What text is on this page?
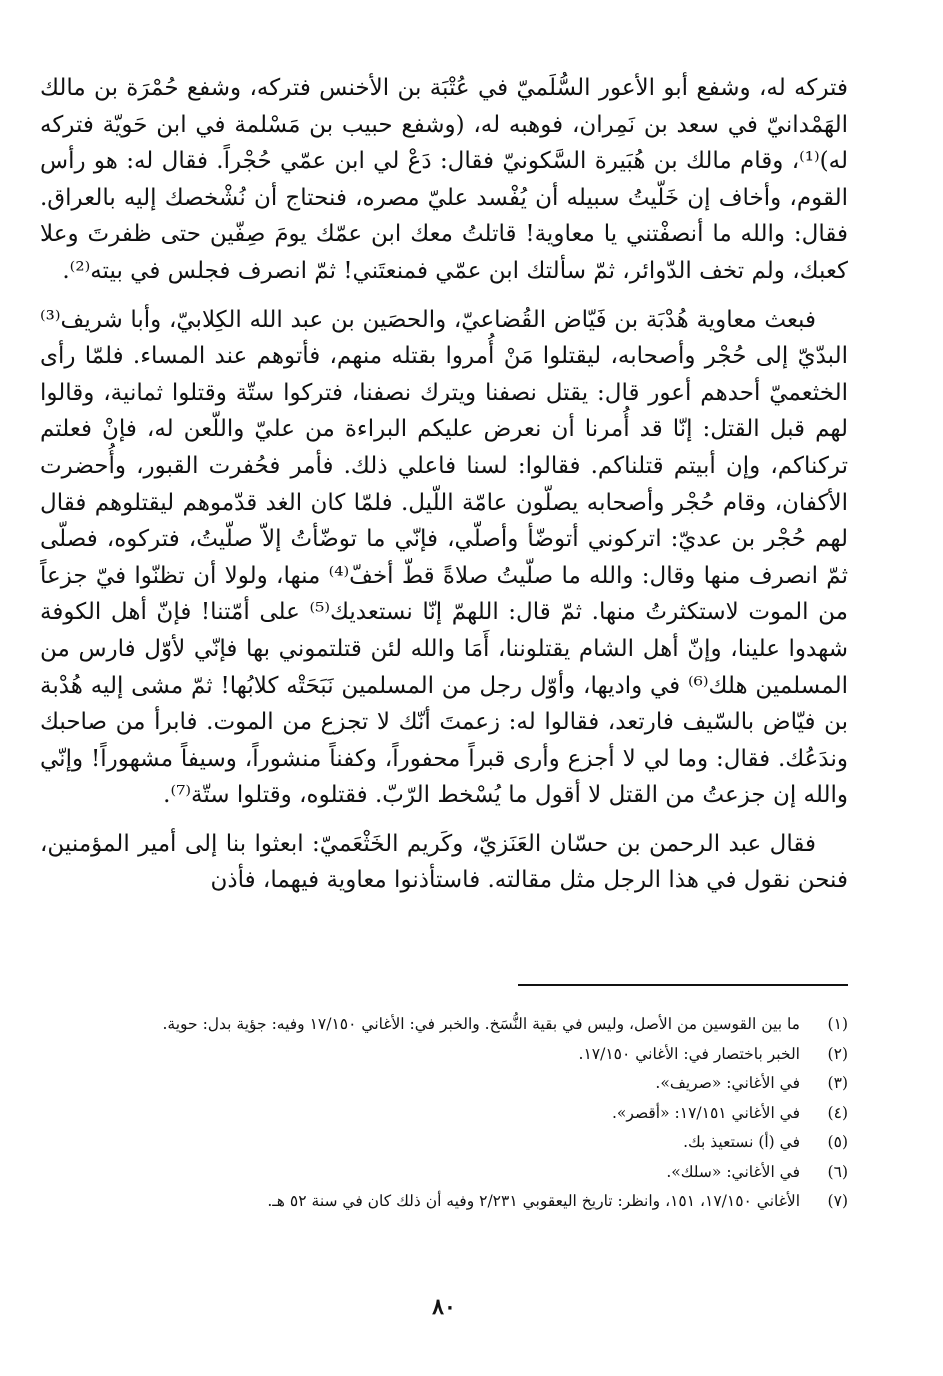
فتركه له، وشفع أبو الأعور السُّلَميّ في عُتْبَة بن الأخنس فتركه، وشفع حُمْرَة بن مالك الهَمْدانيّ في سعد بن نَمِران، فوهبه له، (وشفع حبيب بن مَسْلمة في ابن حَويّة فتركه له)⁽¹⁾، وقام مالك بن هُبَيرة السَّكونيّ فقال: دَعْ لي ابن عمّي حُجْراً. فقال له: هو رأس القوم، وأخاف إن خَلّيتُ سبيله أن يُفْسد عليّ مصره، فنحتاج أن نُشْخصك إليه بالعراق. فقال: والله ما أنصفْتني يا معاوية! قاتلتُ معك ابن عمّك يومَ صِفّين حتى ظفرتَ وعلا كعبك، ولم تخف الدّوائر، ثمّ سألتك ابن عمّي فمنعتَني! ثمّ انصرف فجلس في بيته⁽²⁾.

فبعث معاوية هُدْبَة بن فَيّاض القُضاعيّ، والحصَين بن عبد الله الكِلابيّ، وأبا شريف⁽³⁾ البدّيّ إلى حُجْر وأصحابه، ليقتلوا مَنْ أُمروا بقتله منهم، فأتوهم عند المساء. فلمّا رأى الخثعميّ أحدهم أعور قال: يقتل نصفنا ويترك نصفنا، فتركوا ستّة وقتلوا ثمانية، وقالوا لهم قبل القتل: إنّا قد أُمرنا أن نعرض عليكم البراءة من عليّ واللّعن له، فإنْ فعلتم تركناكم، وإن أبيتم قتلناكم. فقالوا: لسنا فاعلي ذلك. فأمر فحُفرت القبور، وأُحضرت الأكفان، وقام حُجْر وأصحابه يصلّون عامّة اللّيل. فلمّا كان الغد قدّموهم ليقتلوهم فقال لهم حُجْر بن عديّ: اتركوني أتوضّأ وأصلّي، فإنّي ما توضّأتُ إلاّ صلّيتُ، فتركوه، فصلّى ثمّ انصرف منها وقال: والله ما صلّيتُ صلاةً قطّ أخفّ⁽⁴⁾ منها، ولولا أن تظنّوا فيّ جزعاً من الموت لاستكثرتُ منها. ثمّ قال: اللهمّ إنّا نستعديك⁽⁵⁾ على أمّتنا! فإنّ أهل الكوفة شهدوا علينا، وإنّ أهل الشام يقتلوننا، أَمَا والله لئن قتلتموني بها فإنّي لأوّل فارس من المسلمين هلك⁽⁶⁾ في واديها، وأوّل رجل من المسلمين نَبَحَتْه كلابُها! ثمّ مشى إليه هُدْبة بن فيّاض بالسّيف فارتعد، فقالوا له: زعمتَ أنّك لا تجزع من الموت. فابرأ من صاحبك وندَعُك. فقال: وما لي لا أجزع وأرى قبراً محفوراً، وكفناً منشوراً، وسيفاً مشهوراً! وإنّي والله إن جزعتُ من القتل لا أقول ما يُسْخط الرّبّ. فقتلوه، وقتلوا ستّة⁽⁷⁾.

فقال عبد الرحمن بن حسّان العَنَزيّ، وكَريم الخَثْعَميّ: ابعثوا بنا إلى أمير المؤمنين، فنحن نقول في هذا الرجل مثل مقالته. فاستأذنوا معاوية فيهما، فأذن

(١)
ما بين القوسين من الأصل، وليس في بقية النُّسَخ. والخبر في: الأغاني ١٧/١٥٠ وفيه: جؤية بدل: حوية.
(٢)
الخبر باختصار في: الأغاني ١٧/١٥٠.
(٣)
في الأغاني: «صريف».
(٤)
في الأغاني ١٧/١٥١: «أقصر».
(٥)
في (أ) نستعيذ بك.
(٦)
في الأغاني: «سلك».
(٧)
الأغاني ١٧/١٥٠، ١٥١، وانظر: تاريخ اليعقوبي ٢/٢٣١ وفيه أن ذلك كان في سنة ٥٢ هـ.
٨٠
